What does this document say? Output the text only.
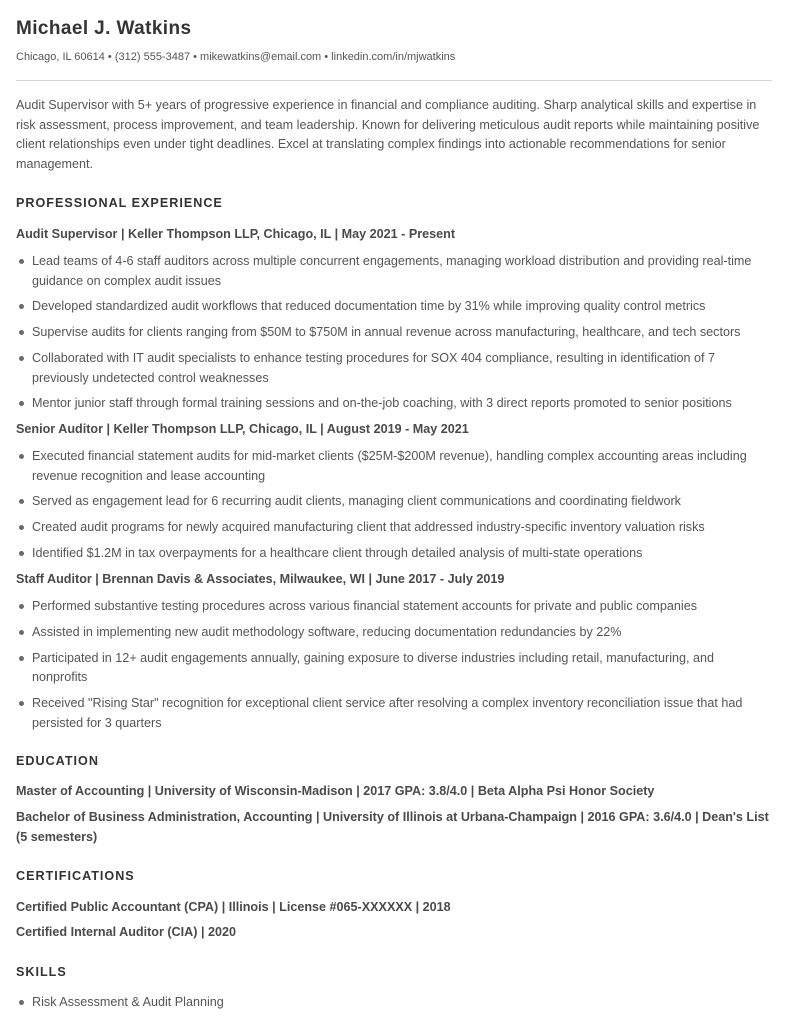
Michael J. Watkins
Chicago, IL 60614 • (312) 555-3487 • mikewatkins@email.com • linkedin.com/in/mjwatkins

Audit Supervisor with 5+ years of progressive experience in financial and compliance auditing. Sharp analytical skills and expertise in risk assessment, process improvement, and team leadership. Known for delivering meticulous audit reports while maintaining positive client relationships even under tight deadlines. Excel at translating complex findings into actionable recommendations for senior management.

PROFESSIONAL EXPERIENCE
Audit Supervisor | Keller Thompson LLP, Chicago, IL | May 2021 - Present
Lead teams of 4-6 staff auditors across multiple concurrent engagements, managing workload distribution and providing real-time guidance on complex audit issues
Developed standardized audit workflows that reduced documentation time by 31% while improving quality control metrics
Supervise audits for clients ranging from $50M to $750M in annual revenue across manufacturing, healthcare, and tech sectors
Collaborated with IT audit specialists to enhance testing procedures for SOX 404 compliance, resulting in identification of 7 previously undetected control weaknesses
Mentor junior staff through formal training sessions and on-the-job coaching, with 3 direct reports promoted to senior positions
Senior Auditor | Keller Thompson LLP, Chicago, IL | August 2019 - May 2021
Executed financial statement audits for mid-market clients ($25M-$200M revenue), handling complex accounting areas including revenue recognition and lease accounting
Served as engagement lead for 6 recurring audit clients, managing client communications and coordinating fieldwork
Created audit programs for newly acquired manufacturing client that addressed industry-specific inventory valuation risks
Identified $1.2M in tax overpayments for a healthcare client through detailed analysis of multi-state operations
Staff Auditor | Brennan Davis & Associates, Milwaukee, WI | June 2017 - July 2019
Performed substantive testing procedures across various financial statement accounts for private and public companies
Assisted in implementing new audit methodology software, reducing documentation redundancies by 22%
Participated in 12+ audit engagements annually, gaining exposure to diverse industries including retail, manufacturing, and nonprofits
Received "Rising Star" recognition for exceptional client service after resolving a complex inventory reconciliation issue that had persisted for 3 quarters
EDUCATION

Master of Accounting | University of Wisconsin-Madison | 2017 GPA: 3.8/4.0 | Beta Alpha Psi Honor Society

Bachelor of Business Administration, Accounting | University of Illinois at Urbana-Champaign | 2016 GPA: 3.6/4.0 | Dean's List (5 semesters)

CERTIFICATIONS

Certified Public Accountant (CPA) | Illinois | License #065-XXXXXX | 2018

Certified Internal Auditor (CIA) | 2020

SKILLS
Risk Assessment & Audit Planning
